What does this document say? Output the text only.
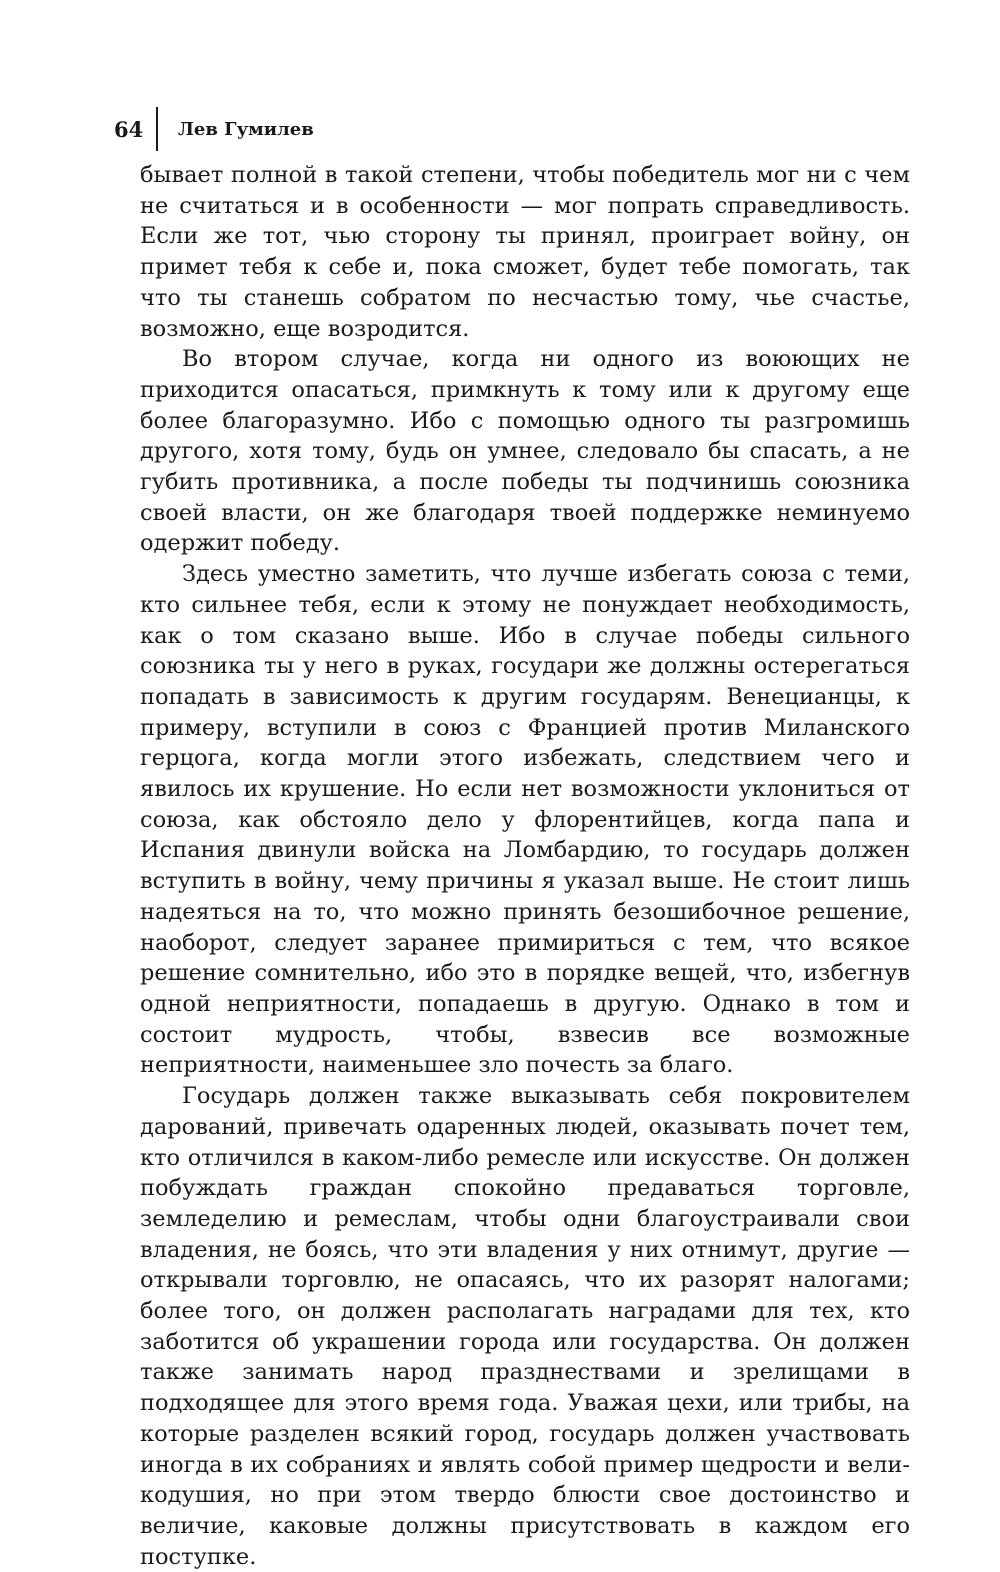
64	Лев Гумилев

бывает полной в такой степени, чтобы победитель мог ни с чем не считаться и в особенности — мог попрать справедливость. Если же тот, чью сторону ты принял, проиграет войну, он примет тебя к себе и, пока сможет, будет тебе помогать, так что ты станешь собратом по несчастью тому, чье счастье, возможно, еще возродится.

Во втором случае, когда ни одного из воюющих не приходится опасаться, примкнуть к тому или к другому еще более благоразумно. Ибо с помощью одного ты разгромишь другого, хотя тому, будь он умнее, следовало бы спасать, а не губить противника, а после победы ты подчинишь союзника своей власти, он же благодаря твоей поддержке неминуемо одержит победу.

Здесь уместно заметить, что лучше избегать союза с теми, кто сильнее тебя, если к этому не понуждает необходимость, как о том сказано выше. Ибо в случае победы сильного союзника ты у него в руках, государи же должны остерегаться попадать в зависимость к другим государям. Венецианцы, к примеру, вступили в союз с Францией против Миланского герцога, когда могли этого избежать, следствием чего и явилось их крушение. Но если нет возможности уклониться от союза, как обстояло дело у флорентийцев, когда папа и Испания двинули войска на Ломбардию, то государь должен вступить в войну, чему причины я указал выше. Не стоит лишь надеяться на то, что можно принять безошибочное решение, наоборот, следует заранее примириться с тем, что всякое решение сомнительно, ибо это в порядке вещей, что, избегнув одной неприятности, попадаешь в другую. Однако в том и состоит мудрость, чтобы, взвесив все возможные неприятности, наименьшее зло почесть за благо.

Государь должен также выказывать себя покровителем дарований, привечать одаренных людей, оказывать почет тем, кто отличился в каком-либо ремесле или искусстве. Он должен побуждать граждан спокойно предаваться торговле, земледелию и ремеслам, чтобы одни благоустраивали свои владения, не боясь, что эти владения у них отнимут, другие — открывали торговлю, не опасаясь, что их разорят налогами; более того, он должен располагать наградами для тех, кто заботится об украшении города или государства. Он должен также занимать народ празднествами и зрелищами в подходящее для этого время года. Уважая цехи, или трибы, на которые разделен всякий город, государь должен участвовать иногда в их собраниях и являть собой пример щедрости и великодушия, но при этом твердо блюсти свое достоинство и величие, каковые должны присутствовать в каждом его поступке.
